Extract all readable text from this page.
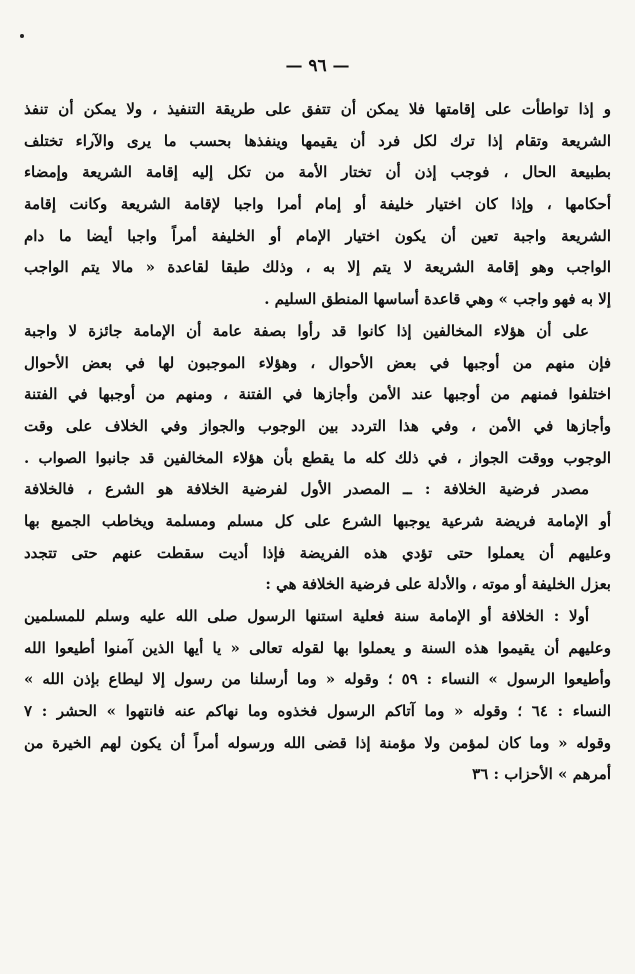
— ٩٦ —
و إذا تواطأت على إقامتها فلا يمكن أن تتفق على طريقة التنفيذ ، ولا يمكن أن تنفذ
الشريعة وتقام إذا ترك لكل فرد أن يقيمها وينفذها بحسب ما يرى والآراء تختلف
بطبيعة الحال ، فوجب إذن أن تختار الأمة من تكل إليه إقامة الشريعة وإمضاء
أحكامها ، وإذا كان اختيار خليفة أو إمام أمرا واجبا لإقامة الشريعة وكانت إقامة
الشريعة واجبة تعين أن يكون اختيار الإمام أو الخليفة أمراً واجبا أيضا ما دام
الواجب وهو إقامة الشريعة لا يتم إلا به ، وذلك طبقا لقاعدة « مالا يتم الواجب
إلا به فهو واجب » وهي قاعدة أساسها المنطق السليم .
على أن هؤلاء المخالفين إذا كانوا قد رأوا بصفة عامة أن الإمامة جائزة لا واجبة
فإن منهم من أوجبها في بعض الأحوال ، وهؤلاء الموجبون لها في بعض الأحوال
اختلفوا فمنهم من أوجبها عند الأمن وأجازها في الفتنة ، ومنهم من أوجبها في الفتنة
وأجازها في الأمن ، وفي هذا التردد بين الوجوب والجواز وفي الخلاف على وقت
الوجوب ووقت الجواز ، في ذلك كله ما يقطع بأن هؤلاء المخالفين قد جانبوا الصواب .
مصدر فرضية الخلافة : ــ المصدر الأول لفرضية الخلافة هو الشرع ، فالخلافة
أو الإمامة فريضة شرعية يوجبها الشرع على كل مسلم ومسلمة ويخاطب الجميع بها
وعليهم أن يعملوا حتى تؤدي هذه الفريضة فإذا أديت سقطت عنهم حتى تتجدد
بعزل الخليفة أو موته ، والأدلة على فرضية الخلافة هي :
أولا : الخلافة أو الإمامة سنة فعلية استنها الرسول صلى الله عليه وسلم للمسلمين
وعليهم أن يقيموا هذه السنة و يعملوا بها لقوله تعالى « يا أيها الذين آمنوا أطيعوا الله
وأطيعوا الرسول » النساء : ٥٩ ؛ وقوله « وما أرسلنا من رسول إلا ليطاع بإذن الله »
النساء : ٦٤ ؛ وقوله « وما آتاكم الرسول فخذوه وما نهاكم عنه فانتهوا » الحشر : ٧
وقوله « وما كان لمؤمن ولا مؤمنة إذا قضى الله ورسوله أمراً أن يكون لهم الخيرة من
أمرهم » الأحزاب : ٣٦
